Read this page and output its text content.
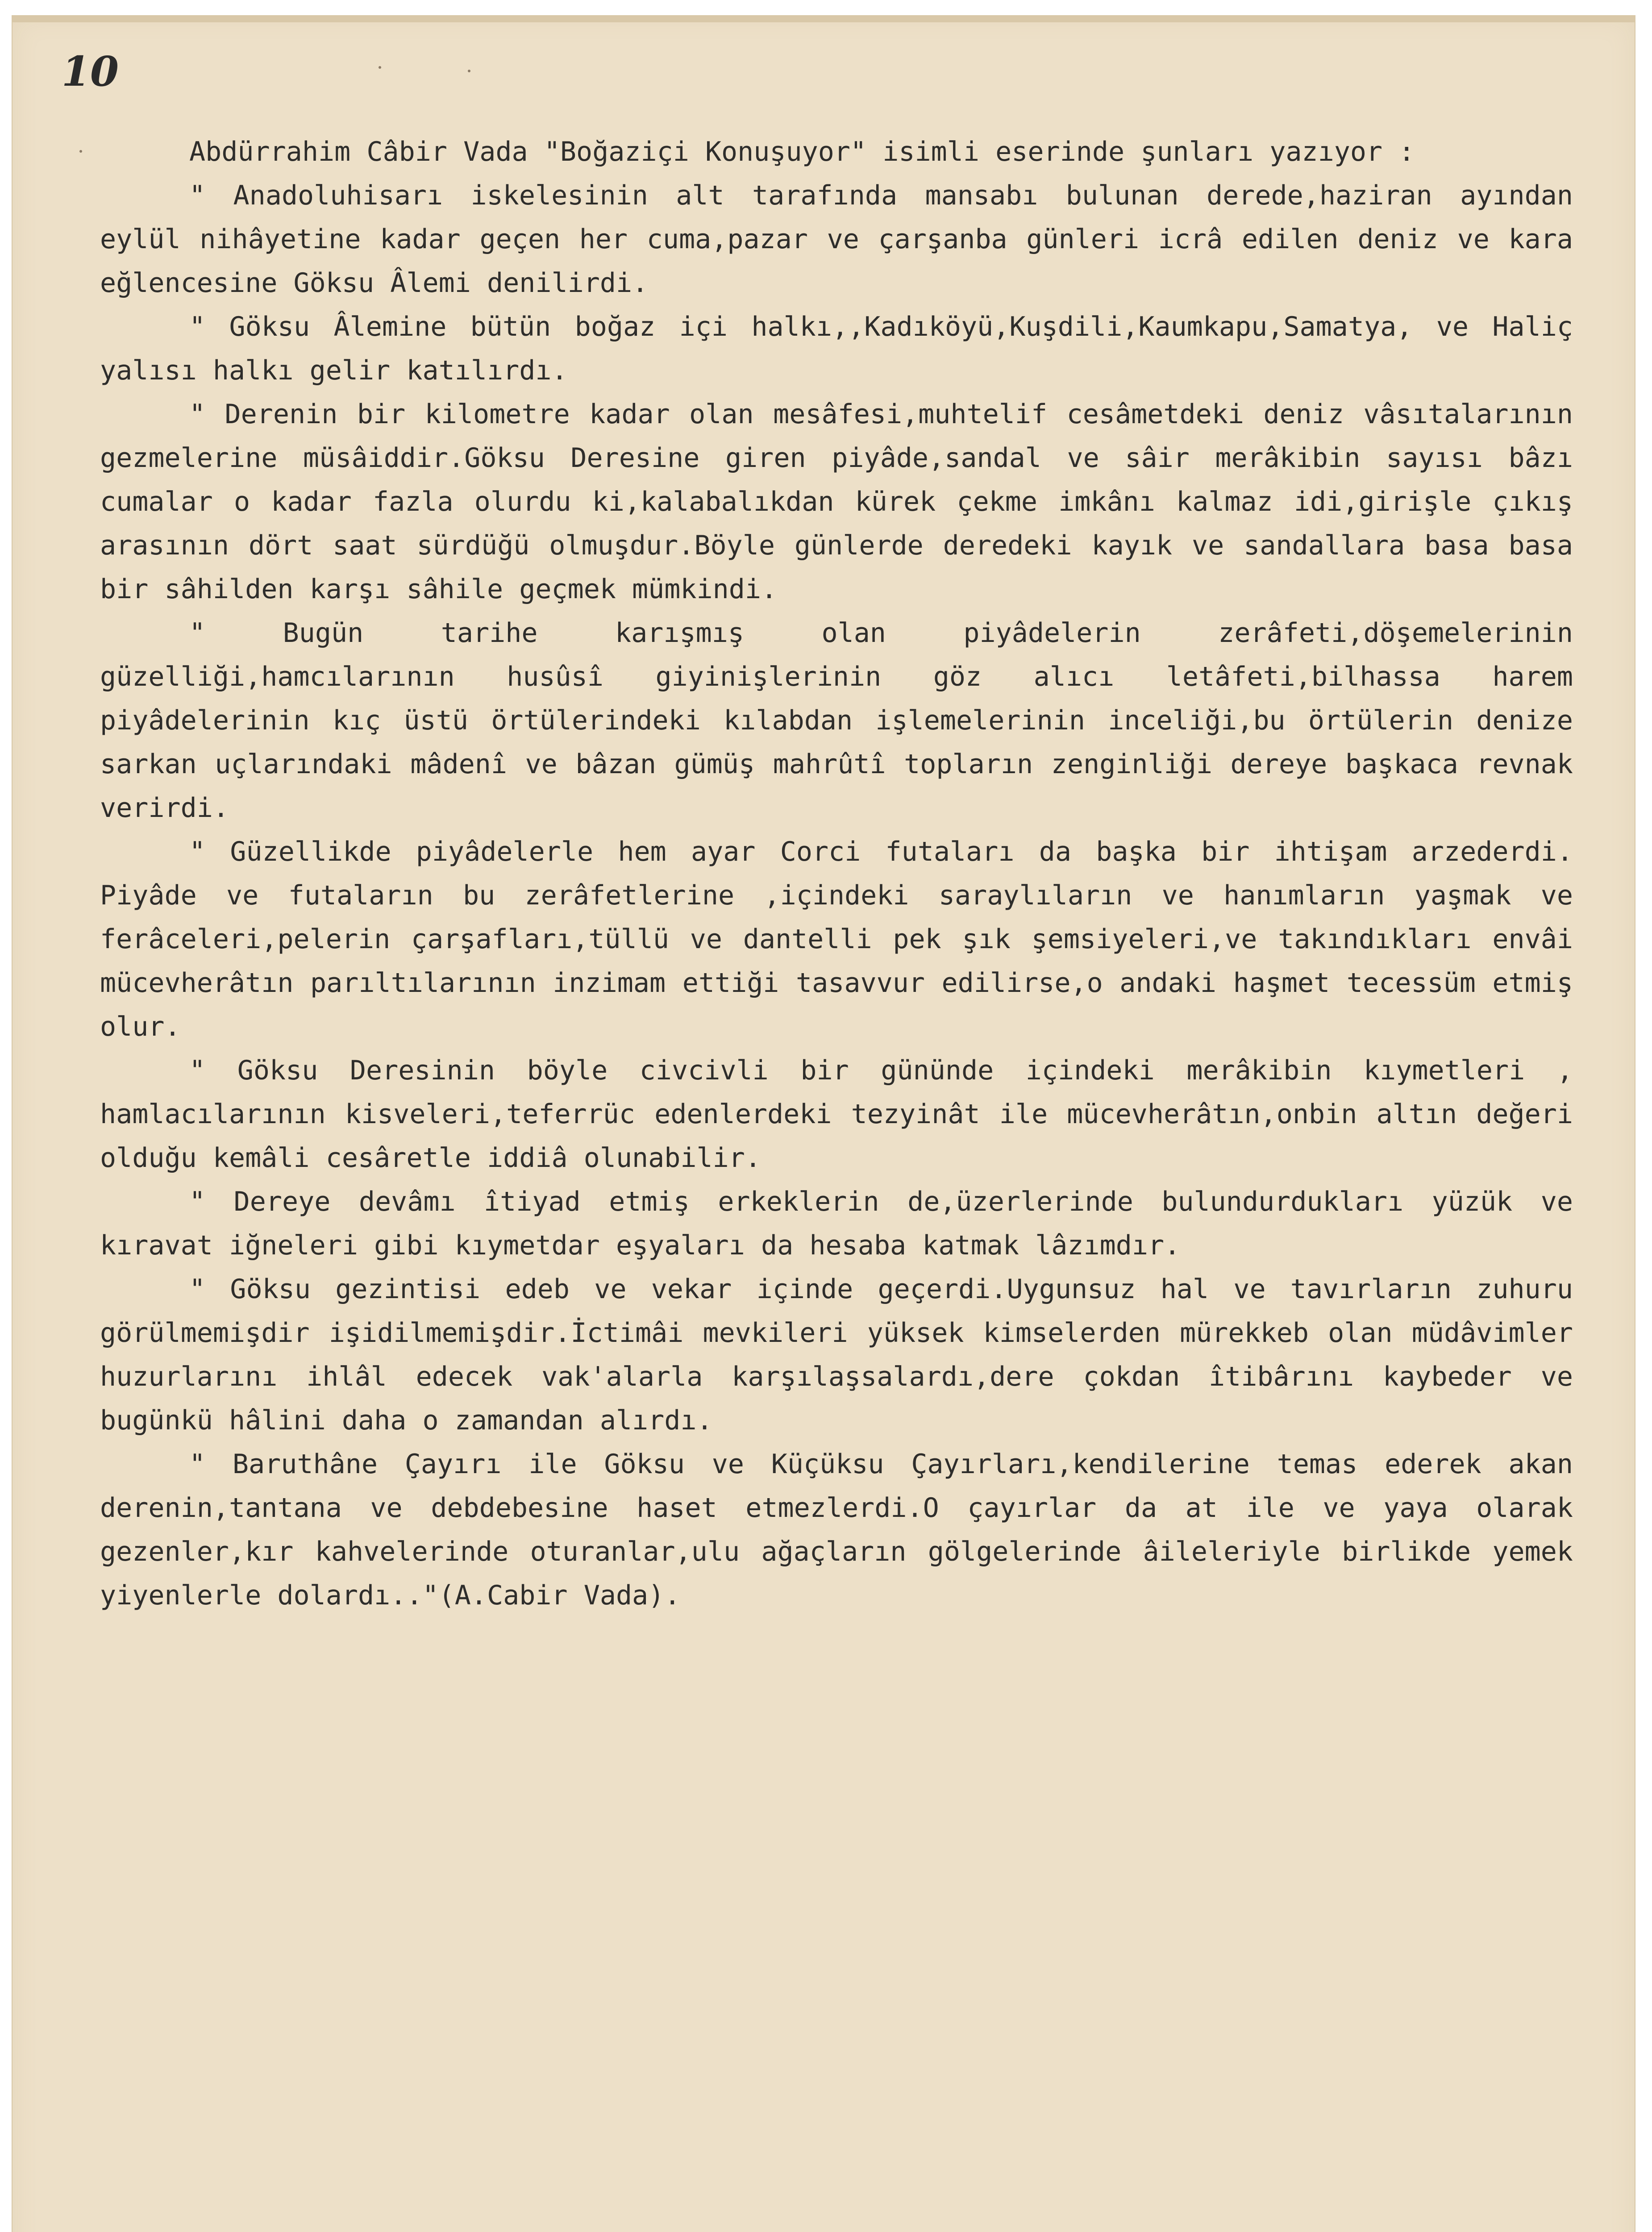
10

Abdürrahim Câbir Vada "Boğaziçi Konuşuyor" isimli eserinde şunları yazıyor :

" Anadoluhisarı iskelesinin alt tarafında mansabı bulunan derede,haziran ayından eylül nihâyetine kadar geçen her cuma,pazar ve çarşanba günleri icrâ edilen deniz ve kara eğlencesine Göksu Âlemi denilirdi.

" Göksu Âlemine bütün boğaz içi halkı,,Kadıköyü,Kuşdili,Kaumkapu,Samatya, ve Haliç yalısı halkı gelir katılırdı.

" Derenin bir kilometre kadar olan mesâfesi,muhtelif cesâmetdeki deniz vâsıtalarının gezmelerine müsâiddir.Göksu Deresine giren piyâde,sandal ve sâir merâkibin sayısı bâzı cumalar o kadar fazla olurdu ki,kalabalıkdan kürek çekme imkânı kalmaz idi,girişle çıkış arasının dört saat sürdüğü olmuşdur.Böyle günlerde deredeki kayık ve sandallara basa basa bir sâhilden karşı sâhile geçmek mümkindi.

" Bugün tarihe karışmış olan piyâdelerin zerâfeti,döşemelerinin güzelliği,hamcılarının husûsî giyinişlerinin göz alıcı letâfeti,bilhassa harem piyâdelerinin kıç üstü örtülerindeki kılabdan işlemelerinin inceliği,bu örtülerin denize sarkan uçlarındaki mâdenî ve bâzan gümüş mahrûtî topların zenginliği dereye başkaca revnak verirdi.

" Güzellikde piyâdelerle hem ayar Corci futaları da başka bir ihtişam arzederdi. Piyâde ve futaların bu zerâfetlerine ,içindeki saraylıların ve hanımların yaşmak ve ferâceleri,pelerin çarşafları,tüllü ve dantelli pek şık şemsiyeleri,ve takındıkları envâi mücevherâtın parıltılarının inzimam ettiği tasavvur edilirse,o andaki haşmet tecessüm etmiş olur.

" Göksu Deresinin böyle civcivli bir gününde içindeki merâkibin kıymetleri , hamlacılarının kisveleri,teferrüc edenlerdeki tezyinât ile mücevherâtın,onbin altın değeri olduğu kemâli cesâretle iddiâ olunabilir.

" Dereye devâmı îtiyad etmiş erkeklerin de,üzerlerinde bulundurdukları yüzük ve kıravat iğneleri gibi kıymetdar eşyaları da hesaba katmak lâzımdır.

" Göksu gezintisi edeb ve vekar içinde geçerdi.Uygunsuz hal ve tavırların zuhuru görülmemişdir işidilmemişdir.İctimâi mevkileri yüksek kimselerden mürekkeb olan müdâvimler huzurlarını ihlâl edecek vak'alarla karşılaşsalardı,dere çokdan îtibârını kaybeder ve bugünkü hâlini daha o zamandan alırdı.

" Baruthâne Çayırı ile Göksu ve Küçüksu Çayırları,kendilerine temas ederek akan derenin,tantana ve debdebesine haset etmezlerdi.O çayırlar da at ile ve yaya olarak gezenler,kır kahvelerinde oturanlar,ulu ağaçların gölgelerinde âileleriyle birlikde yemek yiyenlerle dolardı.."(A.Cabir Vada).
